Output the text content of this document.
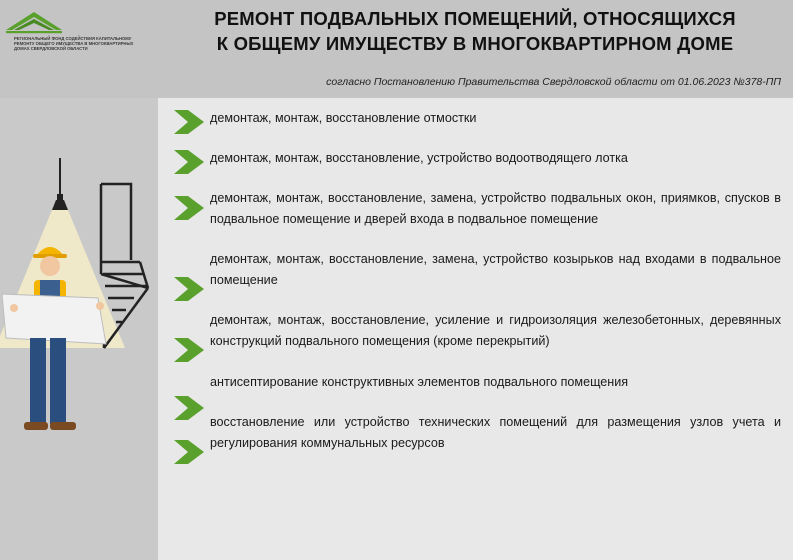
РЕГИОНАЛЬНЫЙ ФОНД СОДЕЙСТВИЯ КАПИТАЛЬНОМУ
РЕМОНТУ ОБЩЕГО ИМУЩЕСТВА В МНОГОКВАРТИРНЫХ
ДОМАХ СВЕРДЛОВСКОЙ ОБЛАСТИ
РЕМОНТ ПОДВАЛЬНЫХ ПОМЕЩЕНИЙ, ОТНОСЯЩИХСЯ
К ОБЩЕМУ ИМУЩЕСТВУ В МНОГОКВАРТИРНОМ ДОМЕ
согласно Постановлению Правительства Свердловской области от 01.06.2023 №378-ПП
демонтаж, монтаж, восстановление отмостки
демонтаж, монтаж, восстановление, устройство водоотводящего лотка
демонтаж, монтаж, восстановление, замена, устройство подвальных окон, приямков, спусков в подвальное помещение и дверей входа в подвальное помещение
демонтаж, монтаж, восстановление, замена, устройство козырьков над входами в подвальное помещение
демонтаж, монтаж, восстановление, усиление и гидроизоляция железобетонных, деревянных конструкций подвального помещения (кроме перекрытий)
антисептирование конструктивных элементов подвального помещения
восстановление или устройство технических помещений для размещения узлов учета и регулирования коммунальных ресурсов
